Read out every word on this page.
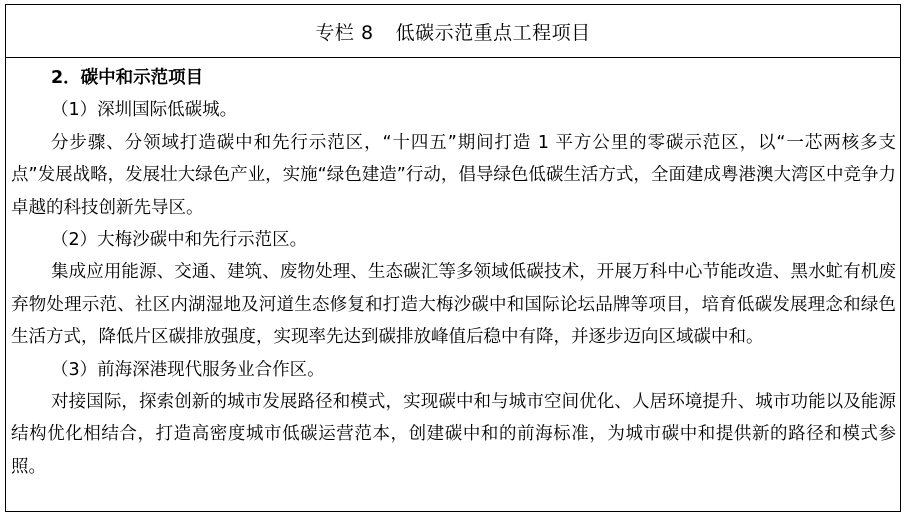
专栏 8 低碳示范重点工程项目
2．碳中和示范项目
（1）深圳国际低碳城。

分步骤、分领域打造碳中和先行示范区，“十四五”期间打造 1 平方公里的零碳示范区，以“一芯两核多支点”发展战略，发展壮大绿色产业，实施“绿色建造”行动，倡导绿色低碳生活方式，全面建成粤港澳大湾区中竞争力卓越的科技创新先导区。

（2）大梅沙碳中和先行示范区。

集成应用能源、交通、建筑、废物处理、生态碳汇等多领域低碳技术，开展万科中心节能改造、黑水虻有机废弃物处理示范、社区内湖湿地及河道生态修复和打造大梅沙碳中和国际论坛品牌等项目，培育低碳发展理念和绿色生活方式，降低片区碳排放强度，实现率先达到碳排放峰值后稳中有降，并逐步迈向区域碳中和。

（3）前海深港现代服务业合作区。

对接国际，探索创新的城市发展路径和模式，实现碳中和与城市空间优化、人居环境提升、城市功能以及能源结构优化相结合，打造高密度城市低碳运营范本，创建碳中和的前海标准，为城市碳中和提供新的路径和模式参照。
